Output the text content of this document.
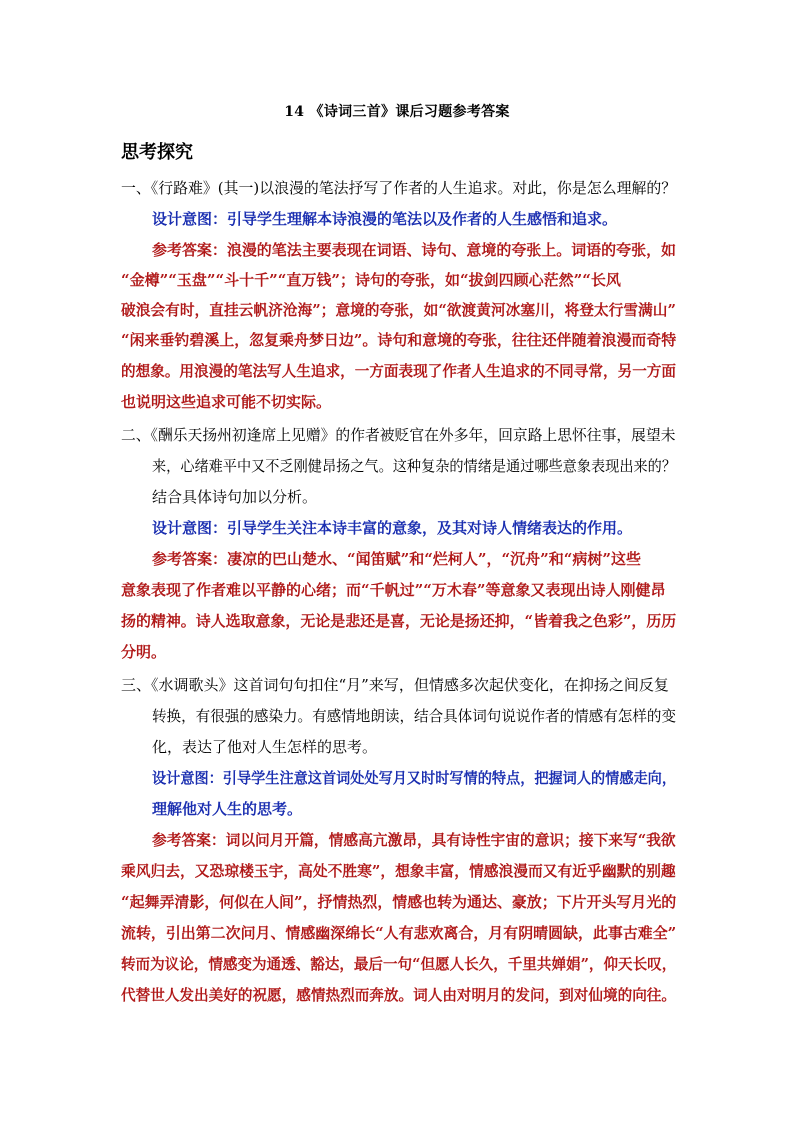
14 《诗词三首》课后习题参考答案
思考探究
一、《行路难》(其一)以浪漫的笔法抒写了作者的人生追求。对此，你是怎么理解的？
设计意图：引导学生理解本诗浪漫的笔法以及作者的人生感悟和追求。
参考答案：浪漫的笔法主要表现在词语、诗句、意境的夸张上。词语的夸张，如
“金樽”“玉盘”“斗十千”“直万钱”；诗句的夸张，如“拔剑四顾心茫然”“长风
破浪会有时，直挂云帆济沧海”；意境的夸张，如“欲渡黄河冰塞川，将登太行雪满山”
“闲来垂钓碧溪上，忽复乘舟梦日边”。诗句和意境的夸张，往往还伴随着浪漫而奇特
的想象。用浪漫的笔法写人生追求，一方面表现了作者人生追求的不同寻常，另一方面
也说明这些追求可能不切实际。
二、《酬乐天扬州初逢席上见赠》的作者被贬官在外多年，回京路上思怀往事，展望未
来，心绪难平中又不乏刚健昂扬之气。这种复杂的情绪是通过哪些意象表现出来的？
结合具体诗句加以分析。
设计意图：引导学生关注本诗丰富的意象，及其对诗人情绪表达的作用。
参考答案：凄凉的巴山楚水、“闻笛赋”和“烂柯人”，“沉舟”和“病树”这些
意象表现了作者难以平静的心绪；而“千帆过”“万木春”等意象又表现出诗人刚健昂
扬的精神。诗人选取意象，无论是悲还是喜，无论是扬还抑，“皆着我之色彩”，历历
分明。
三、《水调歌头》这首词句句扣住“月”来写，但情感多次起伏变化，在抑扬之间反复
转换，有很强的感染力。有感情地朗读，结合具体词句说说作者的情感有怎样的变
化，表达了他对人生怎样的思考。
设计意图：引导学生注意这首词处处写月又时时写情的特点，把握词人的情感走向，
理解他对人生的思考。
参考答案：词以问月开篇，情感高亢激昂，具有诗性宇宙的意识；接下来写“我欲
乘风归去，又恐琼楼玉宇，高处不胜寒”，想象丰富，情感浪漫而又有近乎幽默的别趣
“起舞弄清影，何似在人间”，抒情热烈，情感也转为通达、豪放；下片开头写月光的
流转，引出第二次问月、情感幽深绵长“人有悲欢离合，月有阴晴圆缺，此事古难全”
转而为议论，情感变为通透、豁达，最后一句“但愿人长久，千里共婵娟”，仰天长叹，
代替世人发出美好的祝愿，感情热烈而奔放。词人由对明月的发问，到对仙境的向往。
